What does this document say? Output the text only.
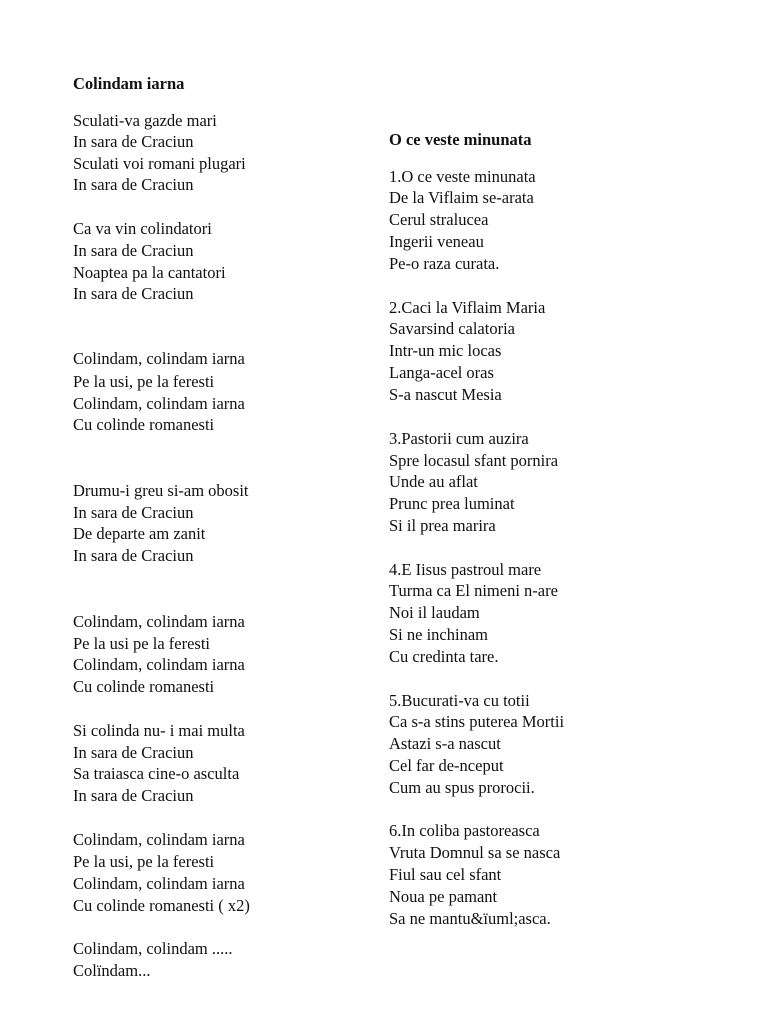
Colindam iarna
Sculati-va gazde mari
In sara de Craciun
Sculati voi romani plugari
In sara de Craciun
Ca va vin colindatori
In sara de Craciun
Noaptea pa la cantatori
In sara de Craciun
Colindam, colindam iarna
Pe la usi, pe la feresti
Colindam, colindam iarna
Cu colinde romanesti
Drumu-i greu si-am obosit
In sara de Craciun
De departe am zanit
In sara de Craciun
Colindam, colindam iarna
Pe la usi pe la feresti
Colindam, colindam iarna
Cu colinde romanesti
Si colinda nu- i mai multa
In sara de Craciun
Sa traiasca cine-o asculta
In sara de Craciun
Colindam, colindam iarna
Pe la usi, pe la feresti
Colindam, colindam iarna
Cu colinde romanesti ( x2)
Colindam, colindam .....
Colïndam...
O ce veste minunata
1.O ce veste minunata
De la Viflaim se-arata
Cerul stralucea
Ingerii veneau
Pe-o raza curata.
2.Caci la Viflaim Maria
Savarsind calatoria
Intr-un mic locas
Langa-acel oras
S-a nascut Mesia
3.Pastorii cum auzira
Spre locasul sfant pornira
Unde au aflat
Prunc prea luminat
Si il prea marira
4.E Iisus pastroul mare
Turma ca El nimeni n-are
Noi il laudam
Si ne inchinam
Cu credinta tare.
5.Bucurati-va cu totii
Ca s-a stins puterea Mortii
Astazi s-a nascut
Cel far de-nceput
Cum au spus prorocii.
6.In coliba pastoreasca
Vruta Domnul sa se nasca
Fiul sau cel sfant
Noua pe pamant
Sa ne mantu&ïuml;asca.
